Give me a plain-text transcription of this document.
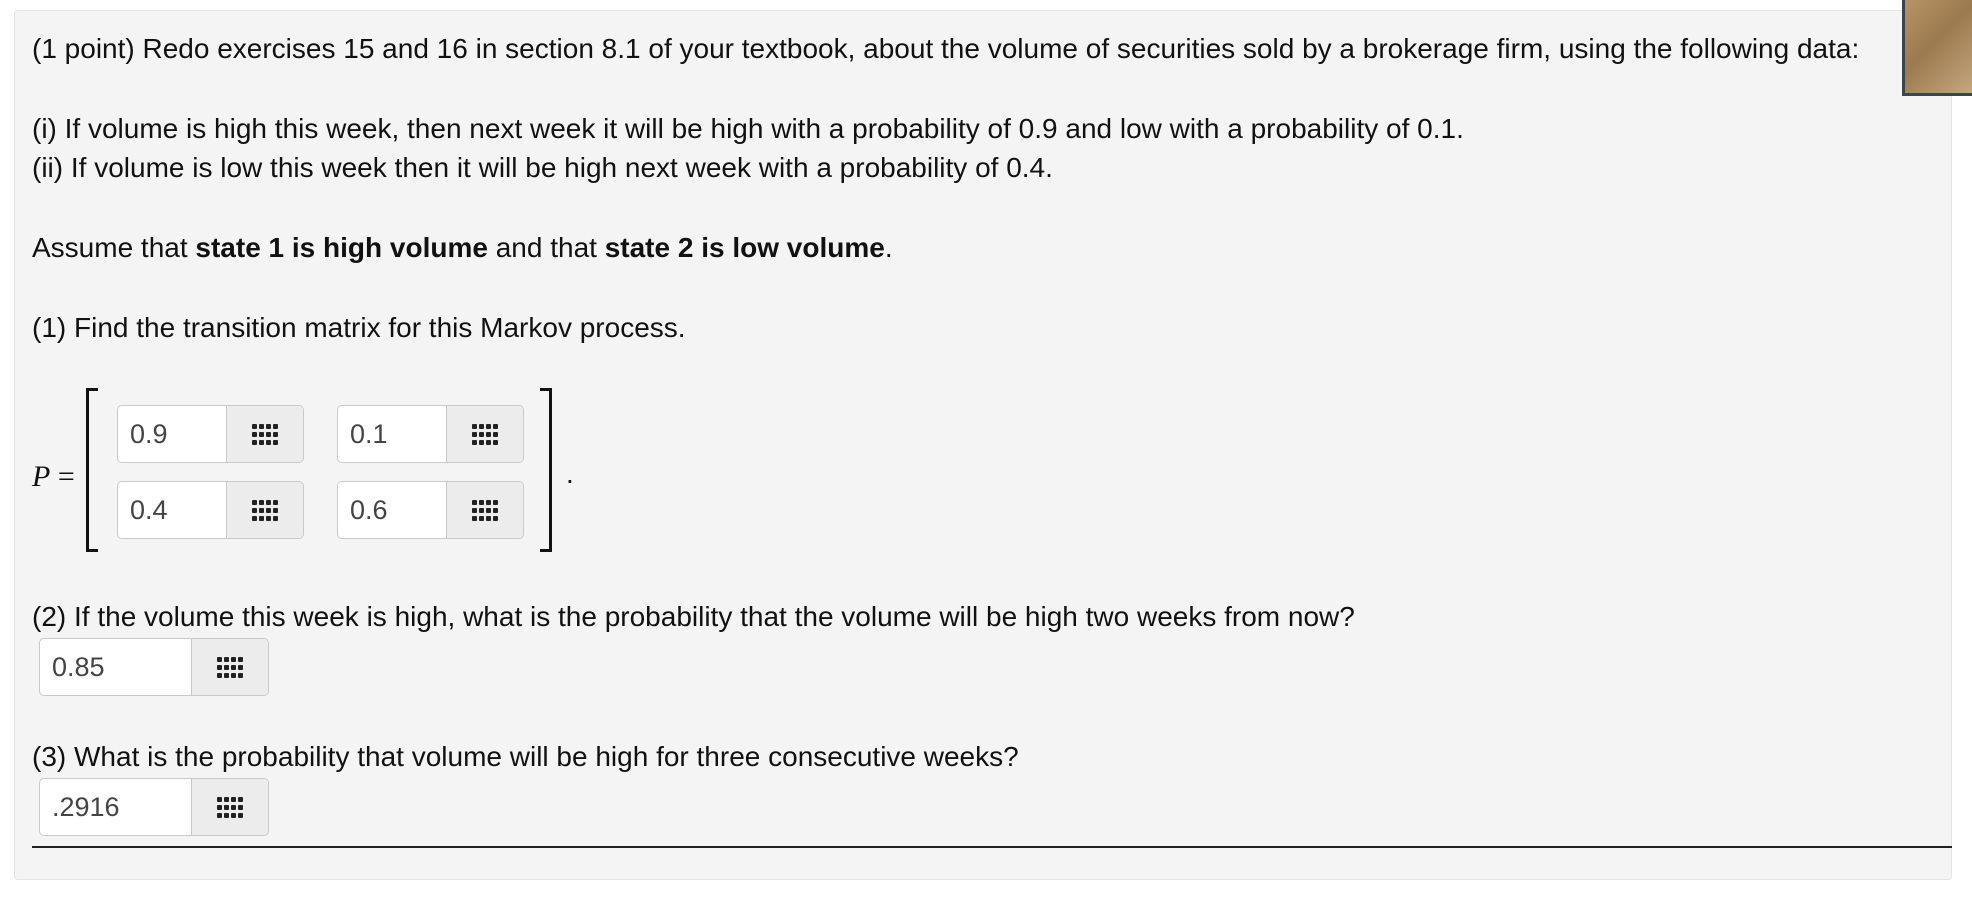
(1 point) Redo exercises 15 and 16 in section 8.1 of your textbook, about the volume of securities sold by a brokerage firm, using the following data:
(i) If volume is high this week, then next week it will be high with a probability of 0.9 and low with a probability of 0.1.
(ii) If volume is low this week then it will be high next week with a probability of 0.4.
Assume that state 1 is high volume and that state 2 is low volume.
(1) Find the transition matrix for this Markov process.
P =	.
0.9	0.1
0.4	0.6
(2) If the volume this week is high, what is the probability that the volume will be high two weeks from now?
0.85
(3) What is the probability that volume will be high for three consecutive weeks?
.2916
